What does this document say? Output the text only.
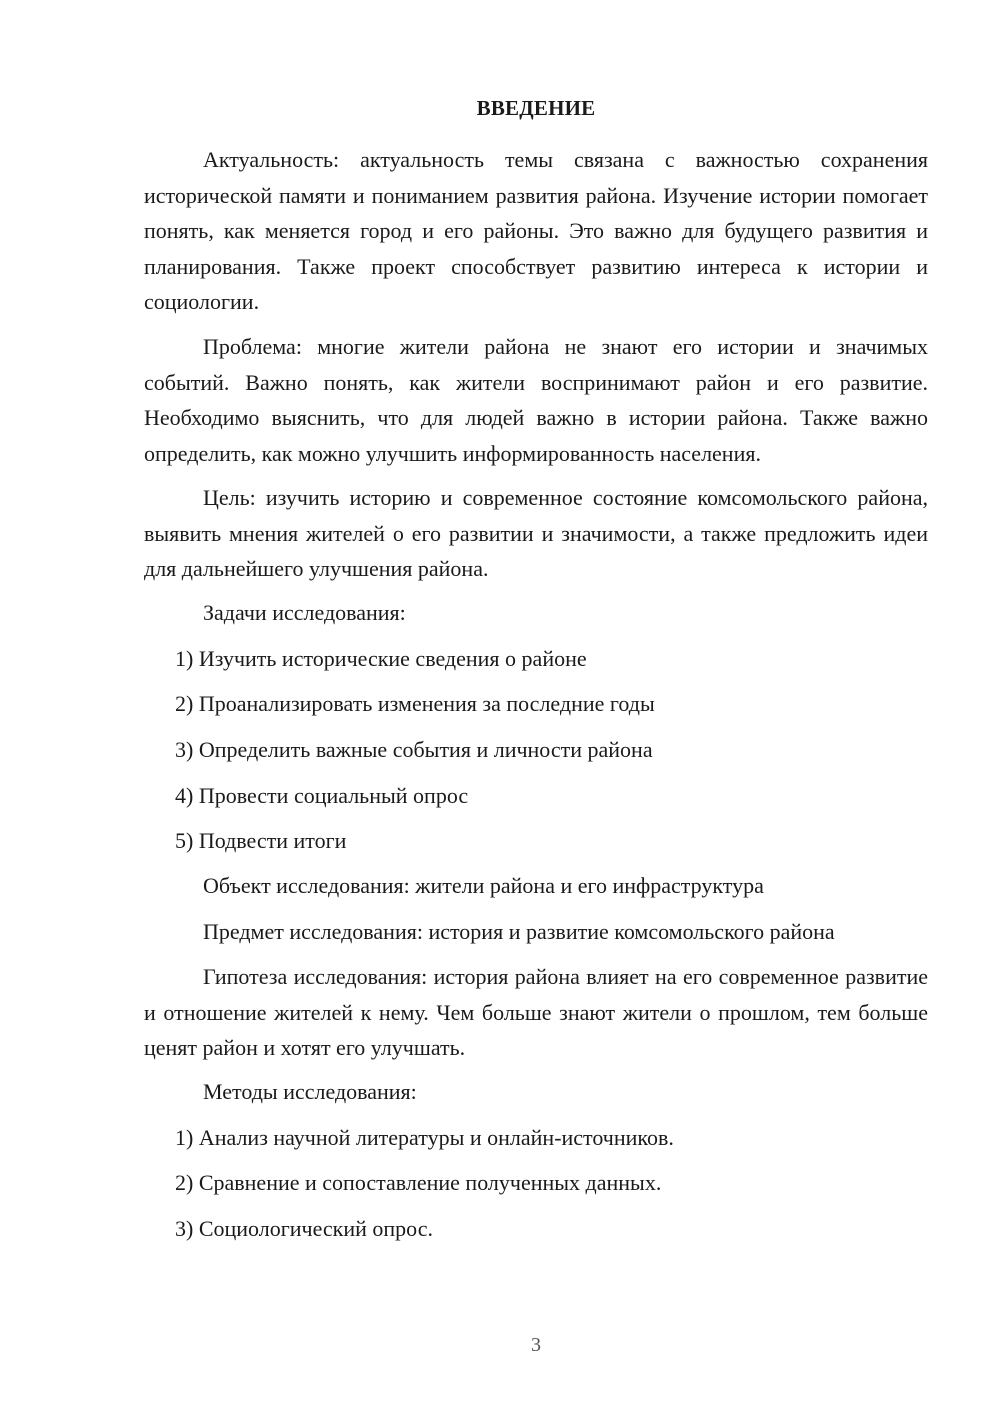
ВВЕДЕНИЕ

Актуальность: актуальность темы связана с важностью сохранения исторической памяти и пониманием развития района. Изучение истории помогает понять, как меняется город и его районы. Это важно для будущего развития и планирования. Также проект способствует развитию интереса к истории и социологии.

Проблема: многие жители района не знают его истории и значимых событий. Важно понять, как жители воспринимают район и его развитие. Необходимо выяснить, что для людей важно в истории района. Также важно определить, как можно улучшить информированность населения.

Цель: изучить историю и современное состояние комсомольского района, выявить мнения жителей о его развитии и значимости, а также предложить идеи для дальнейшего улучшения района.

Задачи исследования:

1) Изучить исторические сведения о районе

2) Проанализировать изменения за последние годы

3) Определить важные события и личности района

4) Провести социальный опрос

5) Подвести итоги

Объект исследования: жители района и его инфраструктура

Предмет исследования: история и развитие комсомольского района

Гипотеза исследования: история района влияет на его современное развитие и отношение жителей к нему. Чем больше знают жители о прошлом, тем больше ценят район и хотят его улучшать.

Методы исследования:

1) Анализ научной литературы и онлайн-источников.

2) Сравнение и сопоставление полученных данных.

3) Социологический опрос.

3
